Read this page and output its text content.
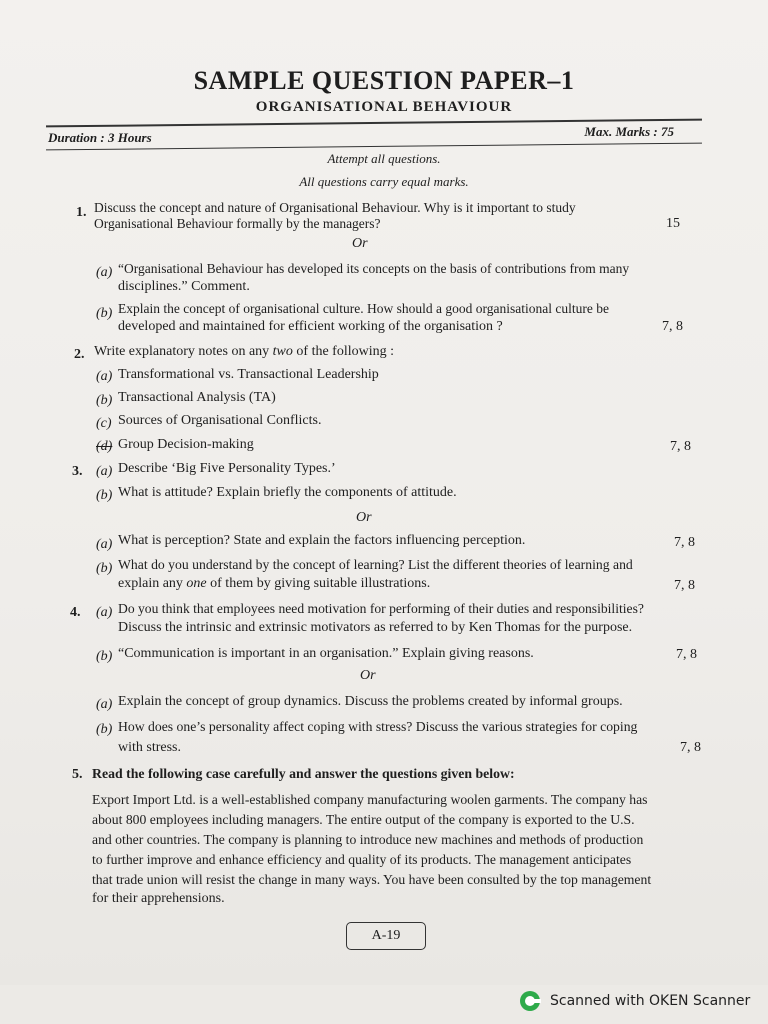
SAMPLE QUESTION PAPER–1
ORGANISATIONAL BEHAVIOUR
Duration : 3 Hours	Max. Marks : 75
Attempt all questions.
All questions carry equal marks.
1. Discuss the concept and nature of Organisational Behaviour. Why is it important to study
Organisational Behaviour formally by the managers?	15
Or
(a) “Organisational Behaviour has developed its concepts on the basis of contributions from many
disciplines.” Comment.
(b) Explain the concept of organisational culture. How should a good organisational culture be
developed and maintained for efficient working of the organisation ?	7, 8
2. Write explanatory notes on any two of the following :
(a) Transformational vs. Transactional Leadership
(b) Transactional Analysis (TA)
(c) Sources of Organisational Conflicts.
(d) Group Decision-making	7, 8
3. (a) Describe ‘Big Five Personality Types.’
(b) What is attitude? Explain briefly the components of attitude.
Or
(a) What is perception? State and explain the factors influencing perception.	7, 8
(b) What do you understand by the concept of learning? List the different theories of learning and
explain any one of them by giving suitable illustrations.	7, 8
4. (a) Do you think that employees need motivation for performing of their duties and responsibilities?
Discuss the intrinsic and extrinsic motivators as referred to by Ken Thomas for the purpose.
(b) “Communication is important in an organisation.” Explain giving reasons.	7, 8
Or
(a) Explain the concept of group dynamics. Discuss the problems created by informal groups.
(b) How does one’s personality affect coping with stress? Discuss the various strategies for coping
with stress.	7, 8
5. Read the following case carefully and answer the questions given below:
Export Import Ltd. is a well-established company manufacturing woolen garments. The company has
about 800 employees including managers. The entire output of the company is exported to the U.S.
and other countries. The company is planning to introduce new machines and methods of production
to further improve and enhance efficiency and quality of its products. The management anticipates
that trade union will resist the change in many ways. You have been consulted by the top management
for their apprehensions.
A-19
Scanned with OKEN Scanner
